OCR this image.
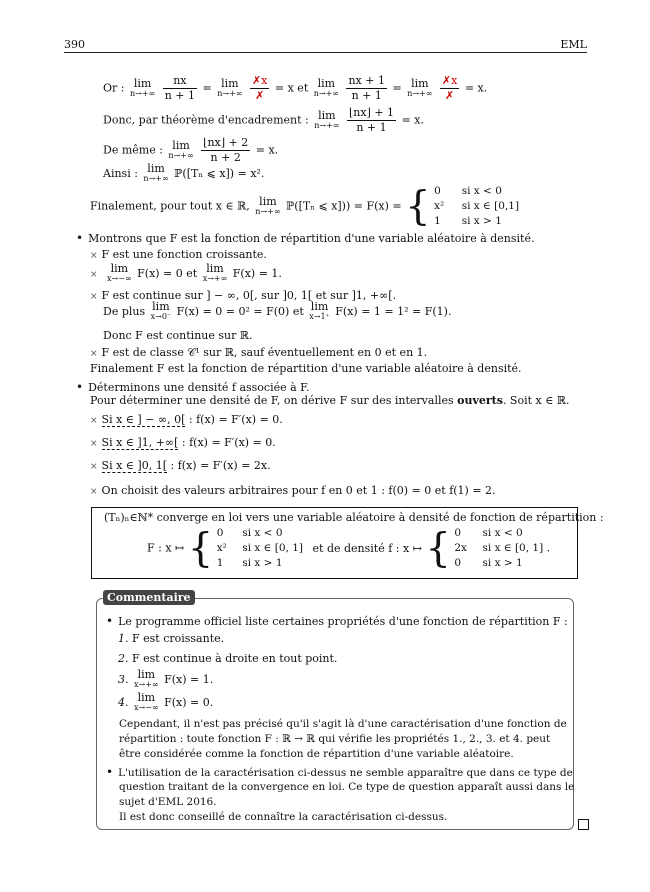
390	EML
Or : lim
n→+∞
$\frac{nx}{n + 1} = \lim$
n→+∞
$\frac{✗x}{✗} = x$ et lim
n→+∞
$\frac{nx + 1}{n + 1} = \lim$
n→+∞
$\frac{✗x}{✗} = x$.
Donc, par théorème d'encadrement : lim
n→+∞
$\frac{⌊nx⌋ + 1}{n + 1} = x$.
De même : lim
n→+∞
$\frac{⌊nx⌋ + 2}{n + 2} = x$.
Ainsi : lim
n→+∞ ℙ([Tₙ ⩽ x]) = x².
Finalement, pour tout x ∈ ℝ, lim
n→+∞ ℙ([Tₙ ⩽ x])) = F(x) = { 0
x²
1 si x < 0
si x ∈ [0,1]
si x > 1
• Montrons que F est la fonction de répartition d'une variable aléatoire à densité.
× F est une fonction croissante.
× lim
x→−∞ F(x) = 0 et lim
x→+∞ F(x) = 1.
× F est continue sur ] − ∞, 0[, sur ]0, 1[ et sur ]1, +∞[.
De plus lim
x→0⁻ F(x) = 0 = 0² = F(0) et lim
x→1⁺ F(x) = 1 = 1² = F(1).
Donc F est continue sur ℝ.
× F est de classe 𝒞¹ sur ℝ, sauf éventuellement en 0 et en 1.
Finalement F est la fonction de répartition d'une variable aléatoire à densité.
• Déterminons une densité f associée à F.
Pour déterminer une densité de F, on dérive F sur des intervalles ouverts. Soit x ∈ ℝ.
× Si x ∈ ] − ∞, 0[ : f(x) = F′(x) = 0.
× Si x ∈ ]1, +∞[ : f(x) = F′(x) = 0.
× Si x ∈ ]0, 1[ : f(x) = F′(x) = 2x.
× On choisit des valeurs arbitraires pour f en 0 et 1 : f(0) = 0 et f(1) = 2.
(Tₙ)ₙ∈ℕ* converge en loi vers une variable aléatoire à densité de fonction de répartition :
F : x ↦ { 0
x²
1 si x < 0
si x ∈ [0, 1]
si x > 1 et de densité f : x ↦ { 0
2x
0 si x < 0
si x ∈ [0, 1]
si x > 1 .
Commentaire
• Le programme officiel liste certaines propriétés d'une fonction de répartition F :
1. F est croissante.
2. F est continue à droite en tout point.
3. lim
x→+∞ F(x) = 1.
4. lim
x→−∞ F(x) = 0.
Cependant, il n'est pas précisé qu'il s'agit là d'une caractérisation d'une fonction de
répartition : toute fonction F : ℝ → ℝ qui vérifie les propriétés 1., 2., 3. et 4. peut
être considérée comme la fonction de répartition d'une variable aléatoire.
• L'utilisation de la caractérisation ci-dessus ne semble apparaître que dans ce type de
question traitant de la convergence en loi. Ce type de question apparaît aussi dans le
sujet d'EML 2016.
Il est donc conseillé de connaître la caractérisation ci-dessus.
